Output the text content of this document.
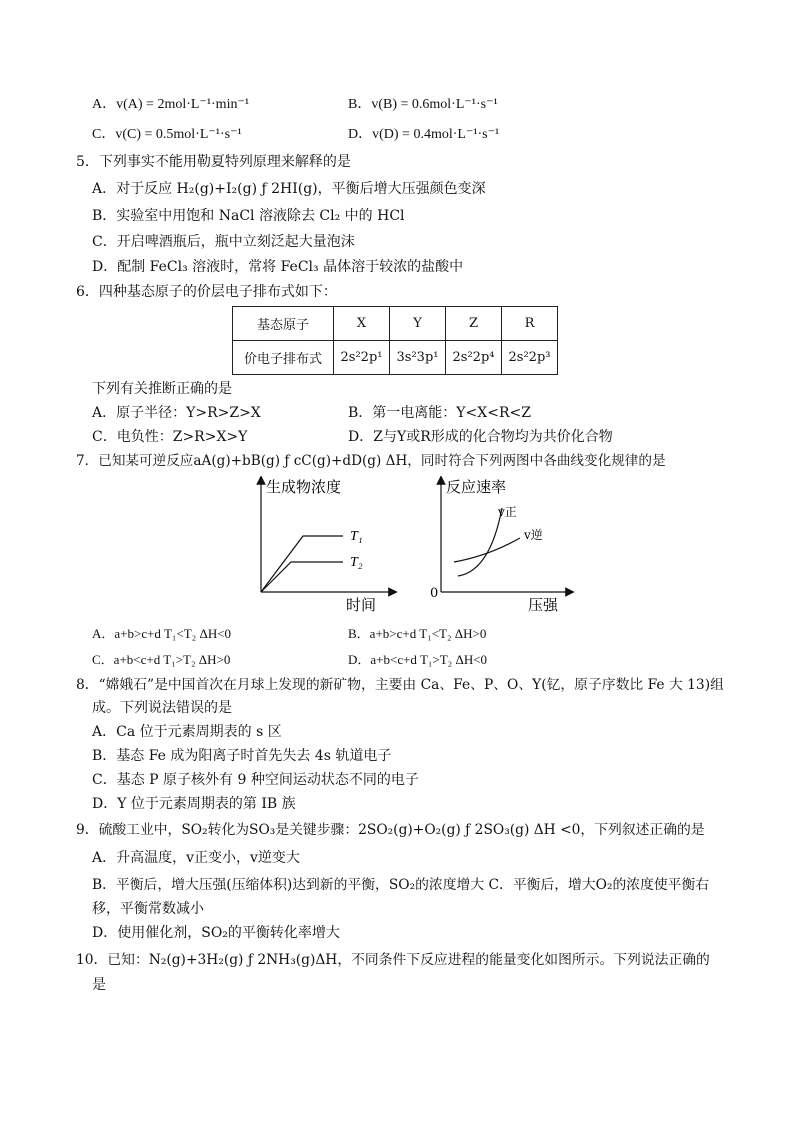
A．v(A) = 2mol·L⁻¹·min⁻¹	B．v(B) = 0.6mol·L⁻¹·s⁻¹
C．v(C) = 0.5mol·L⁻¹·s⁻¹	D．v(D) = 0.4mol·L⁻¹·s⁻¹
5．下列事实不能用勒夏特列原理来解释的是
A．对于反应 H₂(g)+I₂(g) ƒ 2HI(g)，平衡后增大压强颜色变深
B．实验室中用饱和 NaCl 溶液除去 Cl₂ 中的 HCl
C．开启啤酒瓶后，瓶中立刻泛起大量泡沫
D．配制 FeCl₃ 溶液时，常将 FeCl₃ 晶体溶于较浓的盐酸中
6．四种基态原子的价层电子排布式如下：
基态原子	X	Y	Z	R
价电子排布式	2s²2p¹	3s²3p¹	2s²2p⁴	2s²2p³
下列有关推断正确的是
A．原子半径：Y>R>Z>X	B．第一电离能：Y<X<R<Z
C．电负性：Z>R>X>Y	D．Z与Y或R形成的化合物均为共价化合物
7．已知某可逆反应aA(g)+bB(g) ƒ cC(g)+dD(g) ΔH，同时符合下列两图中各曲线变化规律的是
T₁
T₂
生成物浓度
时间
v正
v逆
0
反应速率
压强
A．a+b>c+d T₁<T₂ ΔH<0	B．a+b>c+d T₁<T₂ ΔH>0
C．a+b<c+d T₁>T₂ ΔH>0	D．a+b<c+d T₁>T₂ ΔH<0
8．“嫦娥石”是中国首次在月球上发现的新矿物，主要由 Ca、Fe、P、O、Y(钇，原子序数比 Fe 大 13)组
成。下列说法错误的是
A．Ca 位于元素周期表的 s 区
B．基态 Fe 成为阳离子时首先失去 4s 轨道电子
C．基态 P 原子核外有 9 种空间运动状态不同的电子
D．Y 位于元素周期表的第 ⅠB 族
9．硫酸工业中，SO₂转化为SO₃是关键步骤：2SO₂(g)+O₂(g) ƒ 2SO₃(g) ΔH <0，下列叙述正确的是
A．升高温度，v正变小，v逆变大
B．平衡后，增大压强(压缩体积)达到新的平衡，SO₂的浓度增大 C．平衡后，增大O₂的浓度使平衡右
移，平衡常数减小
D．使用催化剂，SO₂的平衡转化率增大
10．已知：N₂(g)+3H₂(g) ƒ 2NH₃(g)ΔH，不同条件下反应进程的能量变化如图所示。下列说法正确的
是
